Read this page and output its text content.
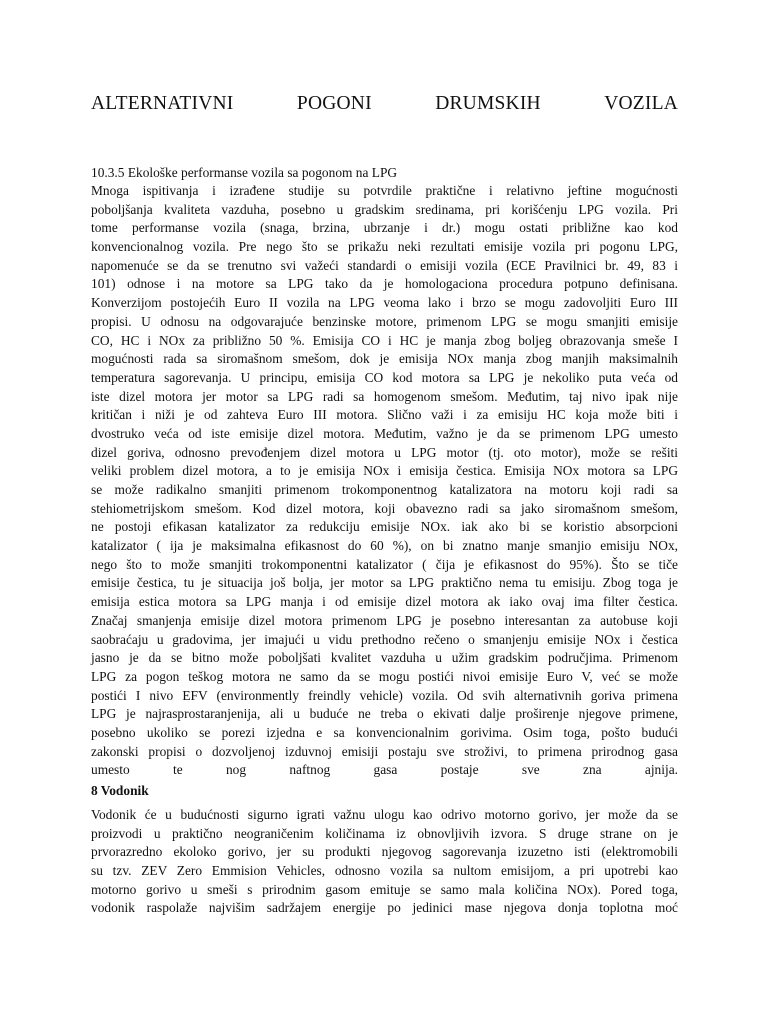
ALTERNATIVNI	POGONI	DRUMSKIH	VOZILA

10.3.5 Ekološke performanse vozila sa pogonom na LPG

Mnoga ispitivanja i izrađene studije su potvrdile praktične i relativno jeftine mogućnosti
poboljšanja kvaliteta vazduha, posebno u gradskim sredinama, pri korišćenju LPG vozila. Pri
tome performanse vozila (snaga, brzina, ubrzanje i dr.) mogu ostati približne kao kod
konvencionalnog vozila. Pre nego što se prikažu neki rezultati emisije vozila pri pogonu LPG,
napomenuće se da se trenutno svi važeći standardi o emisiji vozila (ECE Pravilnici br. 49, 83 i
101) odnose i na motore sa LPG tako da je homologaciona procedura potpuno definisana.
Konverzijom postojećih Euro II vozila na LPG veoma lako i brzo se mogu zadovoljiti Euro III
propisi. U odnosu na odgovarajuće benzinske motore, primenom LPG se mogu smanjiti emisije
CO, HC i NOx za približno 50 %. Emisija CO i HC je manja zbog boljeg obrazovanja smeše I
mogućnosti rada sa siromašnom smešom, dok je emisija NOx manja zbog manjih maksimalnih
temperatura sagorevanja. U principu, emisija CO kod motora sa LPG je nekoliko puta veća od
iste dizel motora jer motor sa LPG radi sa homogenom smešom. Međutim, taj nivo ipak nije
kritičan i niži je od zahteva Euro III motora. Slično važi i za emisiju HC koja može biti i
dvostruko veća od iste emisije dizel motora. Međutim, važno je da se primenom LPG umesto
dizel goriva, odnosno prevođenjem dizel motora u LPG motor (tj. oto motor), može se rešiti
veliki problem dizel motora, a to je emisija NOx i emisija čestica. Emisija NOx motora sa LPG
se može radikalno smanjiti primenom trokomponentnog katalizatora na motoru koji radi sa
stehiometrijskom smešom. Kod dizel motora, koji obavezno radi sa jako siromašnom smešom,
ne postoji efikasan katalizator za redukciju emisije NOx. iak ako bi se koristio absorpcioni
katalizator ( ija je maksimalna efikasnost do 60 %), on bi znatno manje smanjio emisiju NOx,
nego što to može smanjiti trokomponentni katalizator ( čija je efikasnost do 95%). Što se tiče
emisije čestica, tu je situacija još bolja, jer motor sa LPG praktično nema tu emisiju. Zbog toga je
emisija estica motora sa LPG manja i od emisije dizel motora ak iako ovaj ima filter čestica.
Značaj smanjenja emisije dizel motora primenom LPG je posebno interesantan za autobuse koji
saobraćaju u gradovima, jer imajući u vidu prethodno rečeno o smanjenju emisije NOx i čestica
jasno je da se bitno može poboljšati kvalitet vazduha u užim gradskim područjima. Primenom
LPG za pogon teškog motora ne samo da se mogu postići nivoi emisije Euro V, već se može
postići I nivo EFV (environmently freindly vehicle) vozila. Od svih alternativnih goriva primena
LPG je najrasprostaranjenija, ali u budućе ne treba o ekivati dalje proširenje njegove primene,
posebno ukoliko se porezi izjedna e sa konvencionalnim gorivima. Osim toga, pošto budući
zakonski propisi o dozvoljenoj izduvnoj emisiji postaju sve stroživi, to primena prirodnog gasa
umesto te nog naftnog gasa postaje sve zna ajnija.

8 Vodonik

Vodonik će u budućnosti sigurno igrati važnu ulogu kao odrivo motorno gorivo, jer može da se
proizvodi u praktično neograničenim količinama iz obnovljivih izvora. S druge strane on je
prvorazredno ekoloko gorivo, jer su produkti njegovog sagorevanja izuzetno isti (elektromobili
su tzv. ZEV Zero Emmision Vehicles, odnosno vozila sa nultom emisijom, a pri upotrebi kao
motorno gorivo u smeši s prirodnim gasom emituje se samo mala količina NOx). Pored toga,
vodonik raspolaže najvišim sadržajem energije po jedinici mase njegova donja toplotna moć
